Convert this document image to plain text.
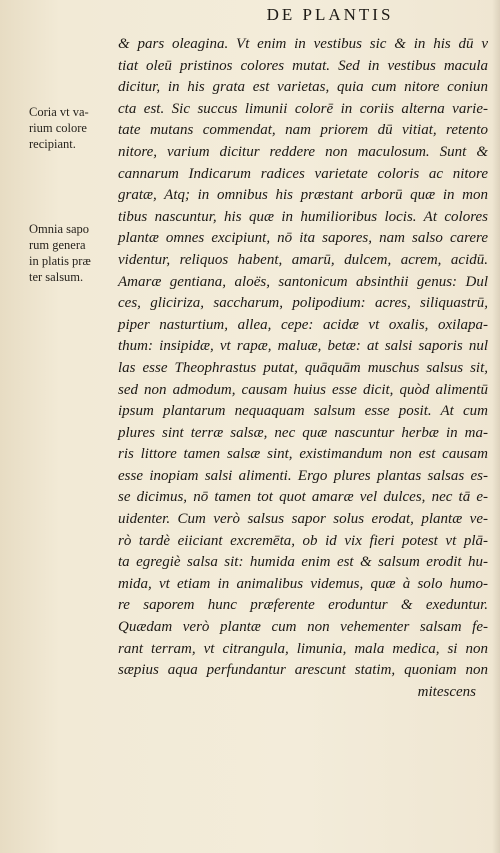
DE PLANTIS
Coria vt va-
rium colore
recipiant.
Omnia sapo
rum genera
in platis præ
ter salsum.
& pars oleagina. Vt enim in vestibus sic & in his dū v
tiat oleū pristinos colores mutat. Sed in vestibus macula
dicitur, in his grata est varietas, quia cum nitore coniun
cta est. Sic succus limunii colorē in coriis alterna varie-
tate mutans commendat, nam priorem dū vitiat, retento
nitore, varium dicitur reddere non maculosum. Sunt &
cannarum Indicarum radices varietate coloris ac nitore
gratæ, Atq; in omnibus his præstant arborū quæ in mon
tibus nascuntur, his quæ in humilioribus locis. At colores
plantæ omnes excipiunt, nō ita sapores, nam salso carere
videntur, reliquos habent, amarū, dulcem, acrem, acidū.
Amaræ gentiana, aloës, santonicum absinthii genus: Dul
ces, gliciriza, saccharum, polipodium: acres, siliquastrū,
piper nasturtium, allea, cepe: acidæ vt oxalis, oxilapa-
thum: insipidæ, vt rapæ, maluæ, betæ: at salsi saporis nul
las esse Theophrastus putat, quāquām muschus salsus sit,
sed non admodum, causam huius esse dicit, quòd alimentū
ipsum plantarum nequaquam salsum esse posit. At cum
plures sint terræ salsæ, nec quæ nascuntur herbæ in ma-
ris littore tamen salsæ sint, existimandum non est causam
esse inopiam salsi alimenti. Ergo plures plantas salsas es-
se dicimus, nō tamen tot quot amaræ vel dulces, nec tā e-
uidenter. Cum verò salsus sapor solus erodat, plantæ ve-
rò tardè eiiciant excremēta, ob id vix fieri potest vt plā-
ta egregiè salsa sit: humida enim est & salsum erodit hu-
mida, vt etiam in animalibus videmus, quæ à solo humo-
re saporem hunc præferente eroduntur & exeduntur.
Quædam verò plantæ cum non vehementer salsam fe-
rant terram, vt citrangula, limunia, mala medica, si non
sæpius aqua perfundantur arescunt statim, quoniam non
mitescens
